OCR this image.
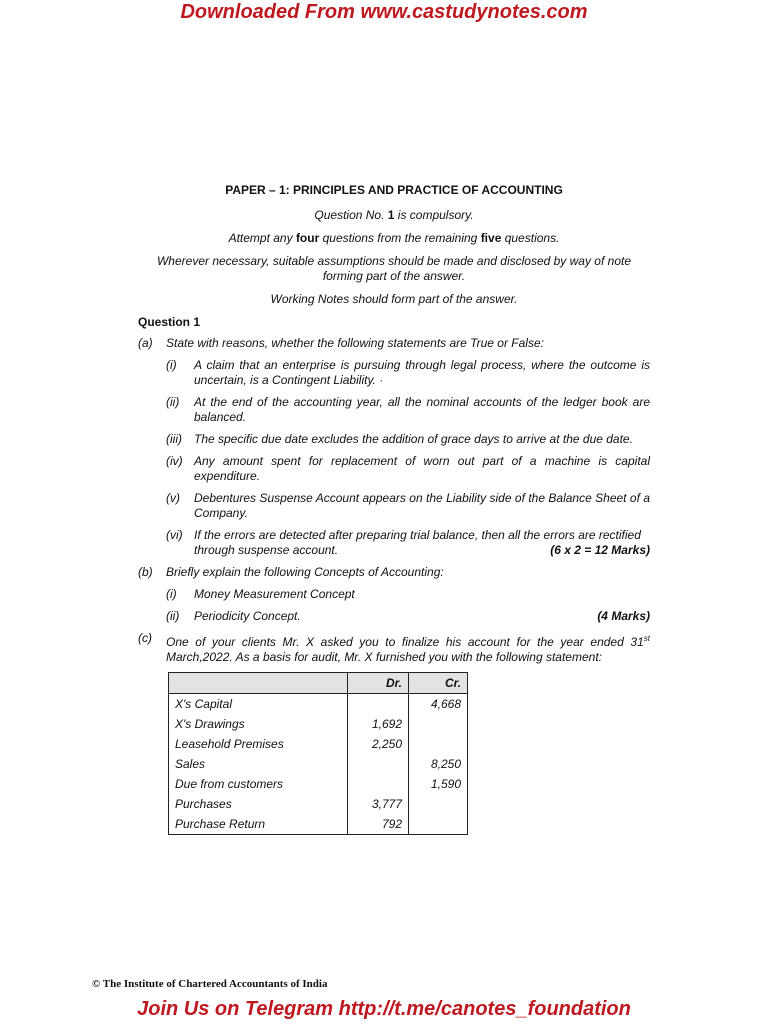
Downloaded From www.castudynotes.com
PAPER – 1: PRINCIPLES AND PRACTICE OF ACCOUNTING
Question No. 1 is compulsory.
Attempt any four questions from the remaining five questions.
Wherever necessary, suitable assumptions should be made and disclosed by way of note
forming part of the answer.
Working Notes should form part of the answer.
Question 1
(a)	State with reasons, whether the following statements are True or False:
(i)	A claim that an enterprise is pursuing through legal process, where the outcome is uncertain, is a Contingent Liability. ·
(ii)	At the end of the accounting year, all the nominal accounts of the ledger book are balanced.
(iii)	The specific due date excludes the addition of grace days to arrive at the due date.
(iv) Any amount spent for replacement of worn out part of a machine is capital expenditure.
(v)	Debentures Suspense Account appears on the Liability side of the Balance Sheet of a Company.
(vi) If the errors are detected after preparing trial balance, then all the errors are rectified
through suspense account.	(6 x 2 = 12 Marks)
(b)	Briefly explain the following Concepts of Accounting:
(i)	Money Measurement Concept
(ii)	Periodicity Concept.	(4 Marks)
(c)	One of your clients Mr. X asked you to finalize his account for the year ended 31st March,2022. As a basis for audit, Mr. X furnished you with the following statement:
	Dr.	Cr.
X's Capital		4,668
X's Drawings	1,692	
Leasehold Premises	2,250	
Sales		8,250
Due from customers		1,590
Purchases	3,777	
Purchase Return	792	
© The Institute of Chartered Accountants of India
Join Us on Telegram http://t.me/canotes_foundation
